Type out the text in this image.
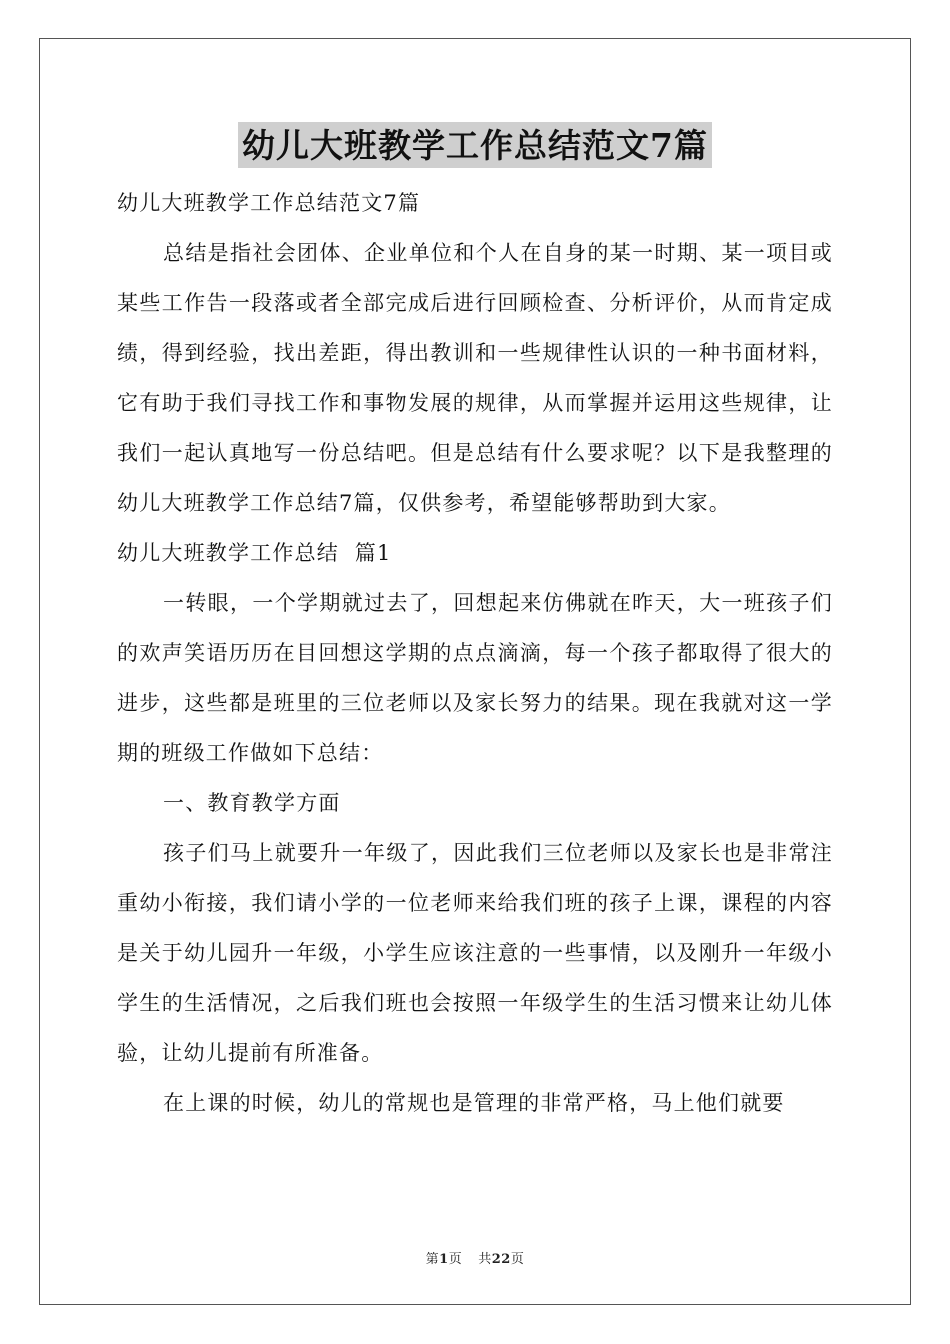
幼儿大班教学工作总结范文7篇

幼儿大班教学工作总结范文7篇

总结是指社会团体、企业单位和个人在自身的某一时期、某一项目或某些工作告一段落或者全部完成后进行回顾检查、分析评价，从而肯定成绩，得到经验，找出差距，得出教训和一些规律性认识的一种书面材料，它有助于我们寻找工作和事物发展的规律，从而掌握并运用这些规律，让我们一起认真地写一份总结吧。但是总结有什么要求呢？以下是我整理的幼儿大班教学工作总结7篇，仅供参考，希望能够帮助到大家。

幼儿大班教学工作总结  篇1

一转眼，一个学期就过去了，回想起来仿佛就在昨天，大一班孩子们的欢声笑语历历在目回想这学期的点点滴滴，每一个孩子都取得了很大的进步，这些都是班里的三位老师以及家长努力的结果。现在我就对这一学期的班级工作做如下总结：

一、教育教学方面

孩子们马上就要升一年级了，因此我们三位老师以及家长也是非常注重幼小衔接，我们请小学的一位老师来给我们班的孩子上课，课程的内容是关于幼儿园升一年级，小学生应该注意的一些事情，以及刚升一年级小学生的生活情况，之后我们班也会按照一年级学生的生活习惯来让幼儿体验，让幼儿提前有所准备。

在上课的时候，幼儿的常规也是管理的非常严格，马上他们就要

第1页 共22页
